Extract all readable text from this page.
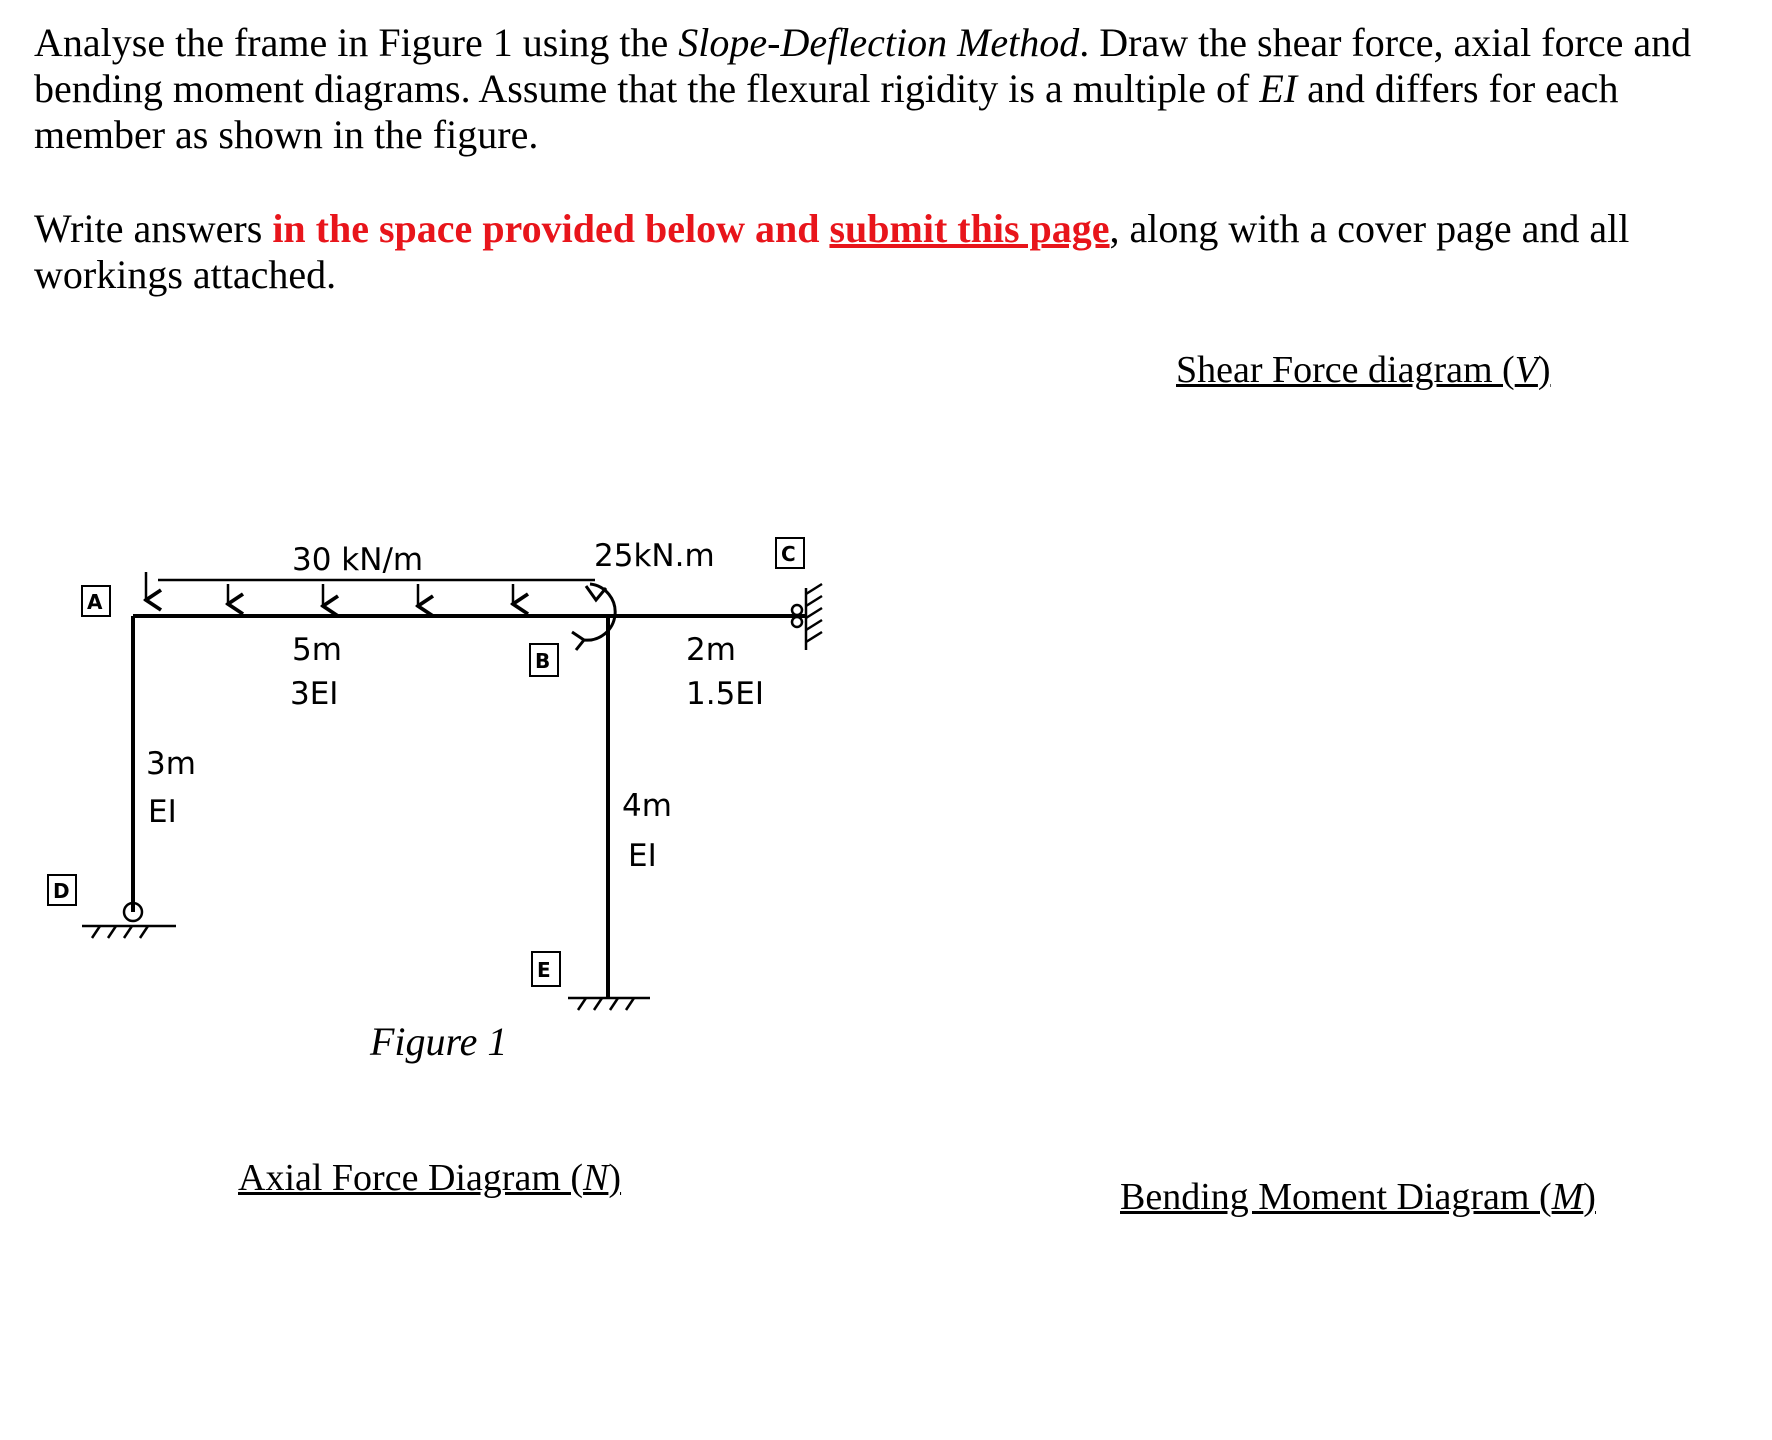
Analyse the frame in Figure 1 using the Slope-Deflection Method. Draw the shear force, axial force and bending moment diagrams. Assume that the flexural rigidity is a multiple of EI and differs for each member as shown in the figure.

Write answers in the space provided below and submit this page, along with a cover page and all workings attached.

Shear Force diagram (V)
Axial Force Diagram (N)	Bending Moment Diagram (M)
A
B
C
D
E
30 kN/m	25kN.m
5m
3EI
2m
1.5EI
3m
EI	4m
EI
Figure 1
